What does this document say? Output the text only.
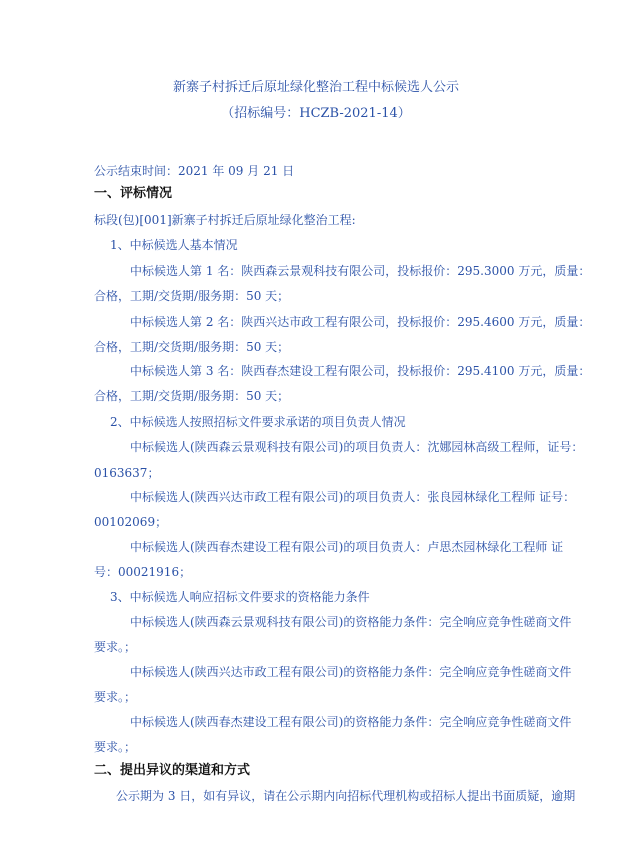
新寨子村拆迁后原址绿化整治工程中标候选人公示
（招标编号：HCZB-2021-14）
公示结束时间：2021 年 09 月 21 日
一、评标情况
标段(包)[001]新寨子村拆迁后原址绿化整治工程:
1、中标候选人基本情况
中标候选人第 1 名：陕西森云景观科技有限公司，投标报价：295.3000 万元，质量：
合格，工期/交货期/服务期：50 天；
中标候选人第 2 名：陕西兴达市政工程有限公司，投标报价：295.4600 万元，质量：
合格，工期/交货期/服务期：50 天；
中标候选人第 3 名：陕西春杰建设工程有限公司，投标报价：295.4100 万元，质量：
合格，工期/交货期/服务期：50 天；
2、中标候选人按照招标文件要求承诺的项目负责人情况
中标候选人(陕西森云景观科技有限公司)的项目负责人：沈娜园林高级工程师，证号：
0163637；
中标候选人(陕西兴达市政工程有限公司)的项目负责人：张良园林绿化工程师 证号：
00102069；
中标候选人(陕西春杰建设工程有限公司)的项目负责人：卢思杰园林绿化工程师 证
号：00021916；
3、中标候选人响应招标文件要求的资格能力条件
中标候选人(陕西森云景观科技有限公司)的资格能力条件：完全响应竞争性磋商文件
要求。；
中标候选人(陕西兴达市政工程有限公司)的资格能力条件：完全响应竞争性磋商文件
要求。；
中标候选人(陕西春杰建设工程有限公司)的资格能力条件：完全响应竞争性磋商文件
要求。；
二、提出异议的渠道和方式
公示期为 3 日，如有异议，请在公示期内向招标代理机构或招标人提出书面质疑，逾期
